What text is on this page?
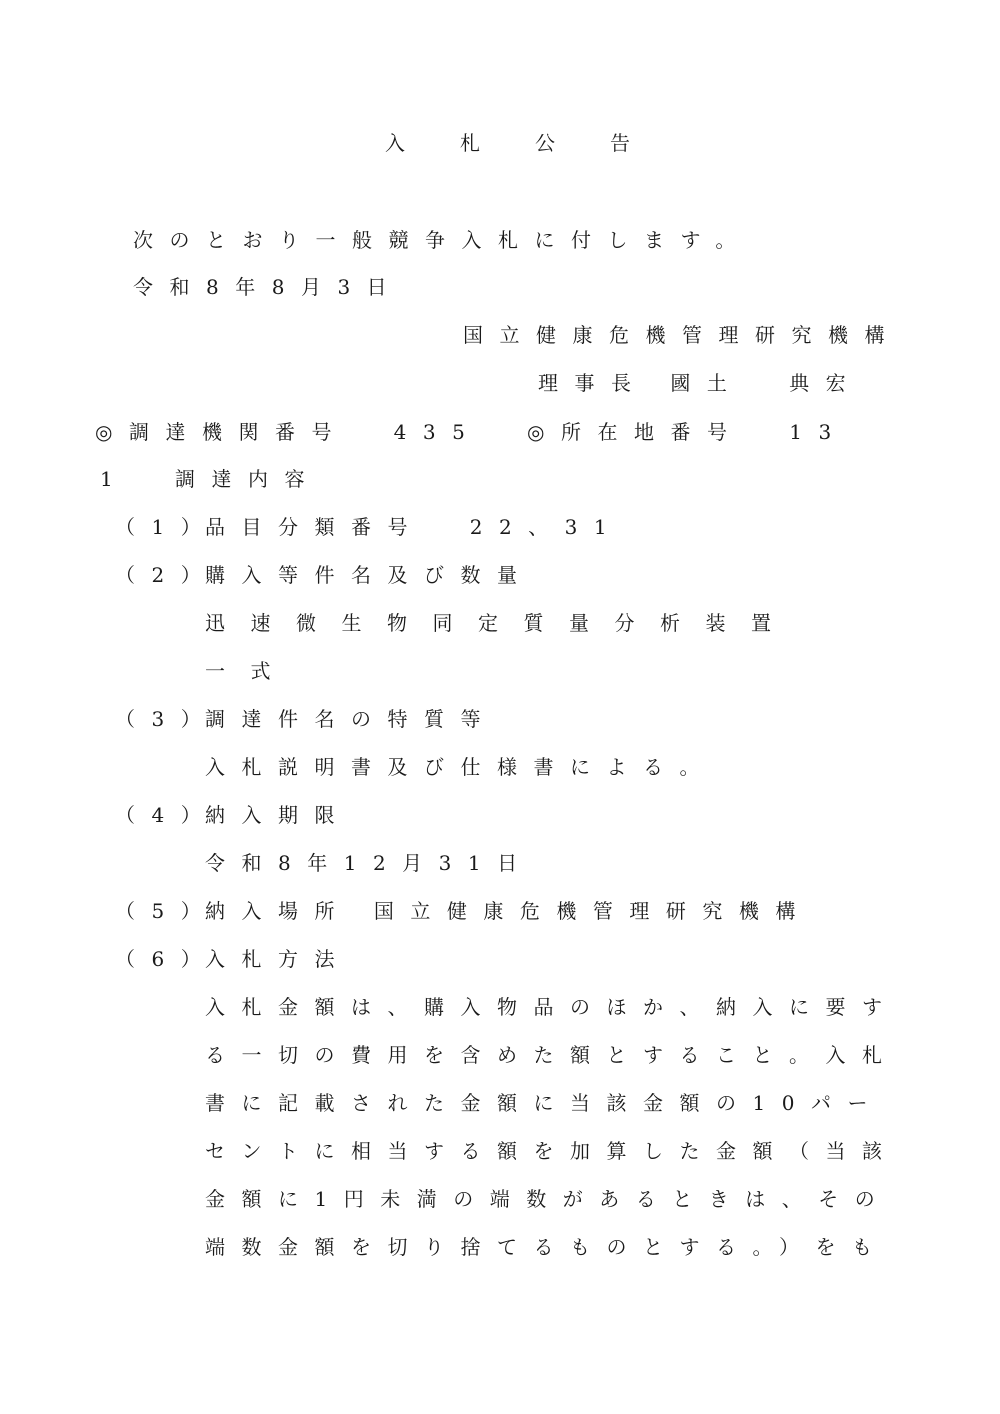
入札公告
次のとおり一般競争入札に付します。
令和8年8月3日
国立健康危機管理研究機構
理事長 國土  典宏
◎調達機関番号  435  ◎所在地番号  13
1  調達内容
（1）
品目分類番号  22、31
（2）
購入等件名及び数量
迅速微生物同定質量分析装置
一式
（3）
調達件名の特質等
入札説明書及び仕様書による。
（4）
納入期限
令和8年12月31日
（5）
納入場所 国立健康危機管理研究機構
（6）
入札方法
入札金額は、購入物品のほか、納入に要す
る一切の費用を含めた額とすること。入札
書に記載された金額に当該金額の10パー
セントに相当する額を加算した金額（当該
金額に1円未満の端数があるときは、その
端数金額を切り捨てるものとする。）をも
